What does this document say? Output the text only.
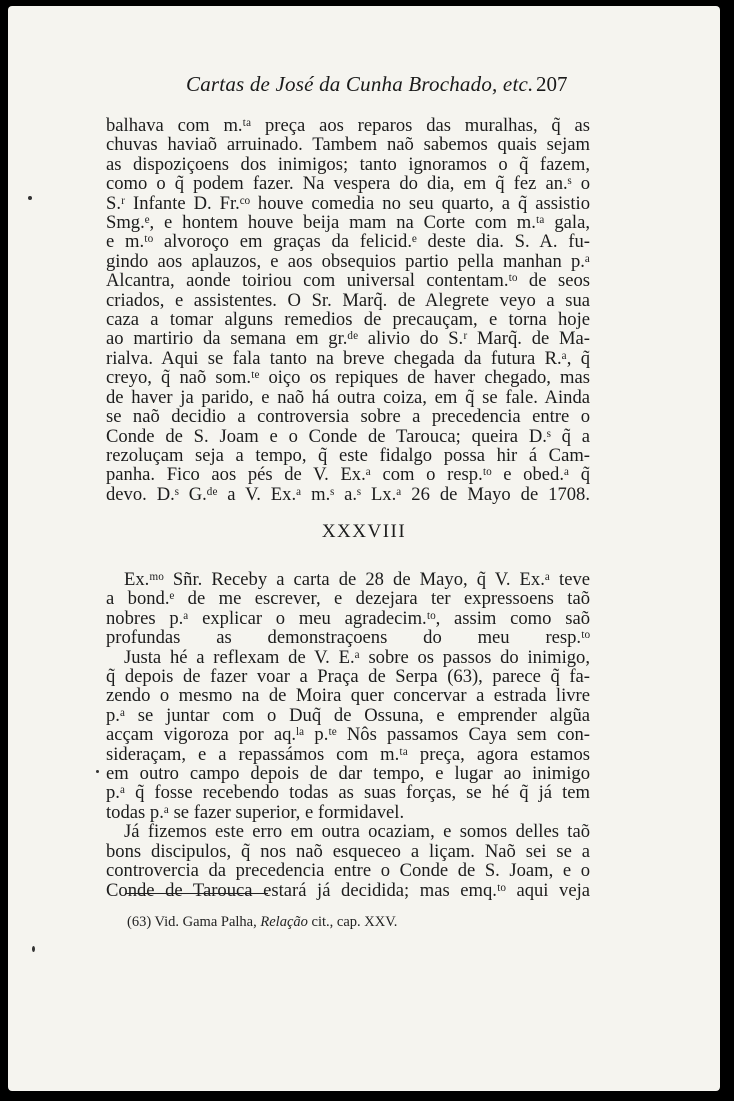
Cartas de José da Cunha Brochado, etc. 207
balhava com m.ᵗᵃ preça aos reparos das muralhas, q̃ as
chuvas haviaõ arruinado. Tambem naõ sabemos quais sejam
as dispoziçoens dos inimigos; tanto ignoramos o q̃ fazem,
como o q̃ podem fazer. Na vespera do dia, em q̃ fez an.ˢ o
S.ʳ Infante D. Fr.ᶜᵒ houve comedia no seu quarto, a q̃ assistio
Smg.ᵉ, e hontem houve beija mam na Corte com m.ᵗᵃ gala,
e m.ᵗᵒ alvoroço em graças da felicid.ᵉ deste dia. S. A. fu-
gindo aos aplauzos, e aos obsequios partio pella manhan p.ᵃ
Alcantra, aonde toiriou com universal contentam.ᵗᵒ de seos
criados, e assistentes. O Sr. Marq̃. de Alegrete veyo a sua
caza a tomar alguns remedios de precauçam, e torna hoje
ao martirio da semana em gr.ᵈᵉ alivio do S.ʳ Marq̃. de Ma-
rialva. Aqui se fala tanto na breve chegada da futura R.ᵃ, q̃
creyo, q̃ naõ som.ᵗᵉ oiço os repiques de haver chegado, mas
de haver ja parido, e naõ há outra coiza, em q̃ se fale. Ainda
se naõ decidio a controversia sobre a precedencia entre o
Conde de S. Joam e o Conde de Tarouca; queira D.ˢ q̃ a
rezoluçam seja a tempo, q̃ este fidalgo possa hir á Cam-
panha. Fico aos pés de V. Ex.ᵃ com o resp.ᵗᵒ e obed.ᵃ q̃
devo. D.ˢ G.ᵈᵉ a V. Ex.ᵃ m.ˢ a.ˢ Lx.ᵃ 26 de Mayo de 1708.
XXXVIII
Ex.ᵐᵒ Sñr. Receby a carta de 28 de Mayo, q̃ V. Ex.ᵃ teve
a bond.ᵉ de me escrever, e dezejara ter expressoens taõ
nobres p.ᵃ explicar o meu agradecim.ᵗᵒ, assim como saõ
profundas as demonstraçoens do meu resp.ᵗᵒ
Justa hé a reflexam de V. E.ᵃ sobre os passos do inimigo,
q̃ depois de fazer voar a Praça de Serpa (63), parece q̃ fa-
zendo o mesmo na de Moira quer concervar a estrada livre
p.ᵃ se juntar com o Duq̃ de Ossuna, e emprender algũa
acçam vigoroza por aq.ˡᵃ p.ᵗᵉ Nôs passamos Caya sem con-
sideraçam, e a repassámos com m.ᵗᵃ preça, agora estamos
em outro campo depois de dar tempo, e lugar ao inimigo
p.ᵃ q̃ fosse recebendo todas as suas forças, se hé q̃ já tem
todas p.ᵃ se fazer superior, e formidavel.
Já fizemos este erro em outra ocaziam, e somos delles taõ
bons discipulos, q̃ nos naõ esqueceo a liçam. Naõ sei se a
controvercia da precedencia entre o Conde de S. Joam, e o
Conde de Tarouca estará já decidida; mas emq.ᵗᵒ aqui veja
(63) Vid. Gama Palha, Relação cit., cap. XXV.
